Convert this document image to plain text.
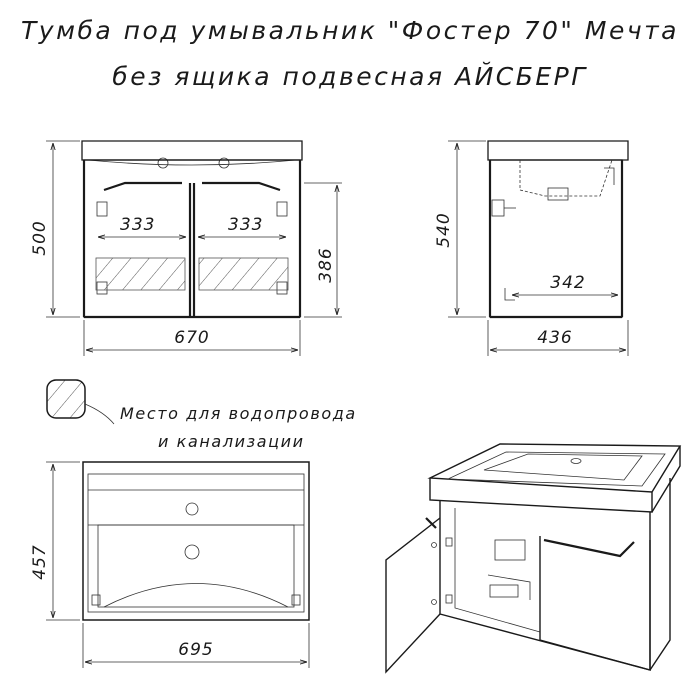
Тумба под умывальник "Фостер 70" Мечта
без ящика подвесная АЙСБЕРГ
333	333
500
386
670
342
540
436
Место для водопровода
и канализации
457
695
